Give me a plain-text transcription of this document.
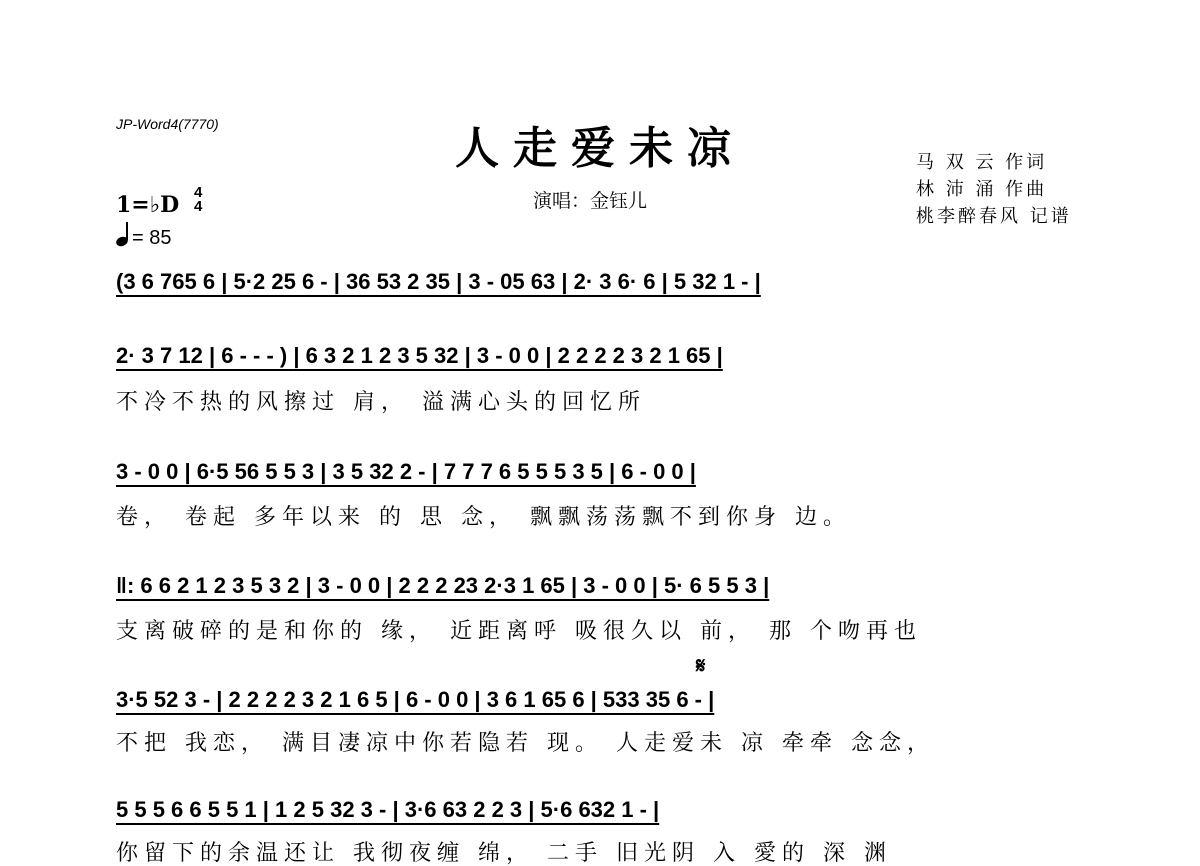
JP-Word4(7770)	人走爱未凉
演唱：金钰儿
马 双 云 作词
林 沛 涌 作曲
桃李醉春风 记谱
1=♭D 4
4
= 85
𝄋
(3 6 765 6 | 5·2 25 6 - | 36 53 2 35 | 3 - 05 63 | 2· 3 6· 6 | 5 32 1 - |
2· 3 7 12 | 6 - - - ) | 6 3 2 1 2 3 5 32 | 3 - 0 0 | 2 2 2 2 3 2 1 65 |
不冷不热的风擦过 肩， 溢满心头的回忆所
3 - 0 0 | 6·5 56 5 5 3 | 3 5 32 2 - | 7 7 7 6 5 5 5 3 5 | 6 - 0 0 |
卷， 卷起 多年以来 的 思 念， 飘飘荡荡飘不到你身 边。
‖: 6 6 2 1 2 3 5 3 2 | 3 - 0 0 | 2 2 2 23 2·3 1 65 | 3 - 0 0 | 5· 6 5 5 3 |
支离破碎的是和你的 缘， 近距离呼 吸很久以 前， 那 个吻再也
3·5 52 3 - | 2 2 2 2 3 2 1 6 5 | 6 - 0 0 | 3 6 1 65 6 | 533 35 6 - |
不把 我恋， 满目凄凉中你若隐若 现。 人走爱未 凉 牵牵 念念，
5 5 5 6 6 5 5 1 | 1 2 5 32 3 - | 3·6 63 2 2 3 | 5·6 632 1 - |
你留下的余温还让 我彻夜缠 绵， 二手 旧光阴 入 愛的 深 渊
